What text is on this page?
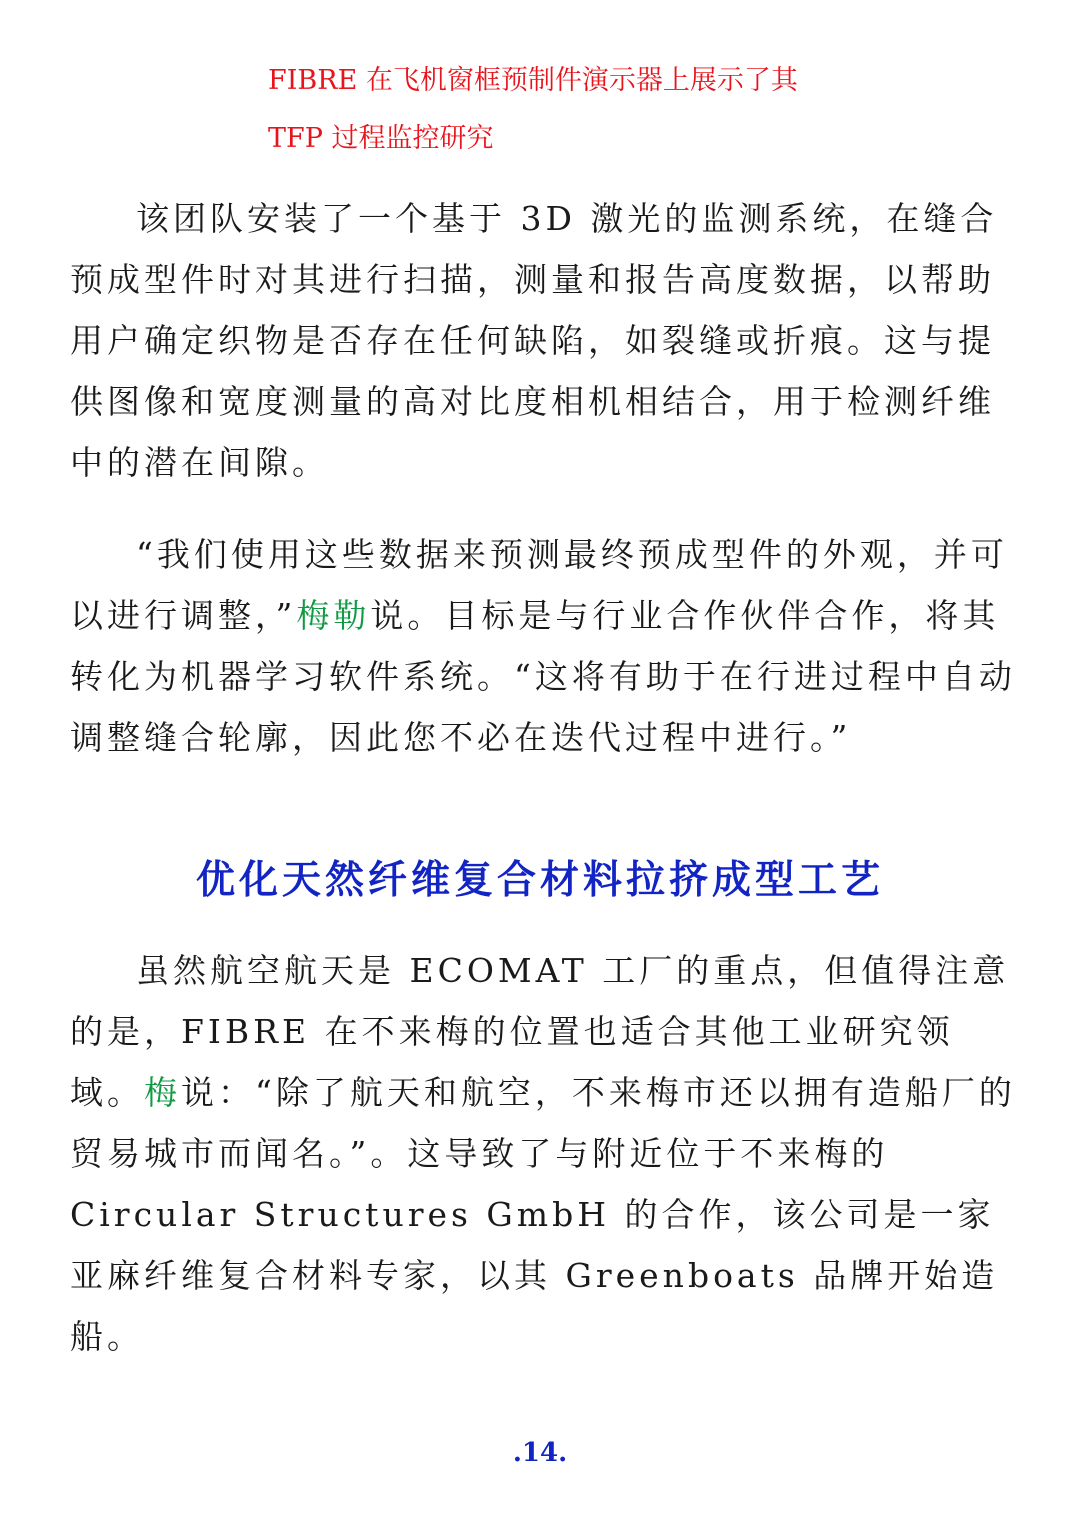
FIBRE 在飞机窗框预制件演示器上展示了其
TFP 过程监控研究

该团队安装了一个基于 3D 激光的监测系统，在缝合预成型件时对其进行扫描，测量和报告高度数据，以帮助用户确定织物是否存在任何缺陷，如裂缝或折痕。这与提供图像和宽度测量的高对比度相机相结合，用于检测纤维中的潜在间隙。

“我们使用这些数据来预测最终预成型件的外观，并可以进行调整，”梅勒说。目标是与行业合作伙伴合作，将其转化为机器学习软件系统。“这将有助于在行进过程中自动调整缝合轮廓，因此您不必在迭代过程中进行。”

优化天然纤维复合材料拉挤成型工艺

虽然航空航天是 ECOMAT 工厂的重点，但值得注意的是，FIBRE 在不来梅的位置也适合其他工业研究领域。梅说：“除了航天和航空，不来梅市还以拥有造船厂的贸易城市而闻名。”。这导致了与附近位于不来梅的 Circular Structures GmbH 的合作，该公司是一家亚麻纤维复合材料专家，以其 Greenboats 品牌开始造船。

.14.
